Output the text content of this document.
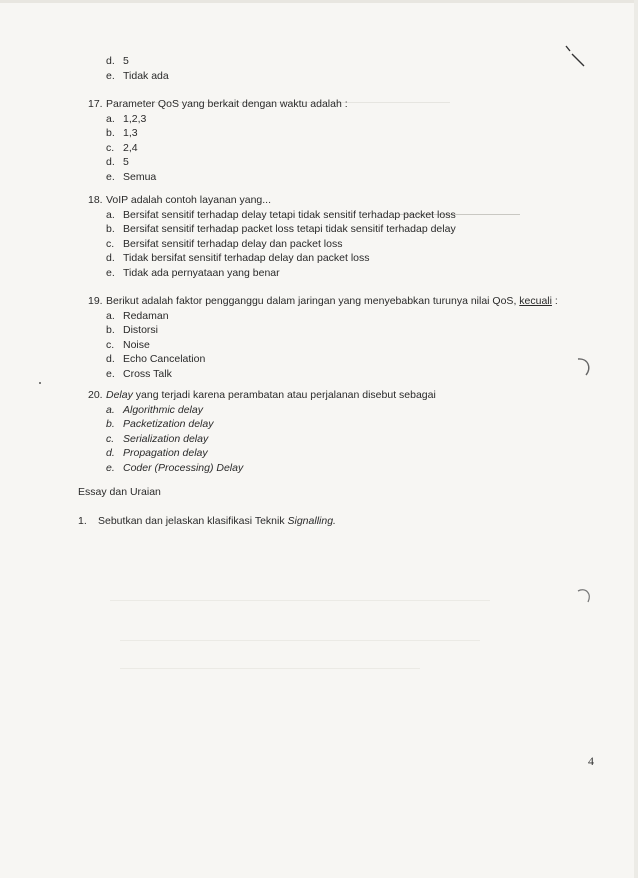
d. 5
e. Tidak ada
17. Parameter QoS yang berkait dengan waktu adalah :
a. 1,2,3
b. 1,3
c. 2,4
d. 5
e. Semua
18. VoIP adalah contoh layanan yang...
a. Bersifat sensitif terhadap delay tetapi tidak sensitif terhadap packet loss
b. Bersifat sensitif terhadap packet loss tetapi tidak sensitif terhadap delay
c. Bersifat sensitif terhadap delay dan packet loss
d. Tidak bersifat sensitif terhadap delay dan packet loss
e. Tidak ada pernyataan yang benar
19. Berikut adalah faktor pengganggu dalam jaringan yang menyebabkan turunya nilai QoS, kecuali :
a. Redaman
b. Distorsi
c. Noise
d. Echo Cancelation
e. Cross Talk
20. Delay yang terjadi karena perambatan atau perjalanan disebut sebagai
a. Algorithmic delay
b. Packetization delay
c. Serialization delay
d. Propagation delay
e. Coder (Processing) Delay
Essay dan Uraian
1. Sebutkan dan jelaskan klasifikasi Teknik Signalling.
4
